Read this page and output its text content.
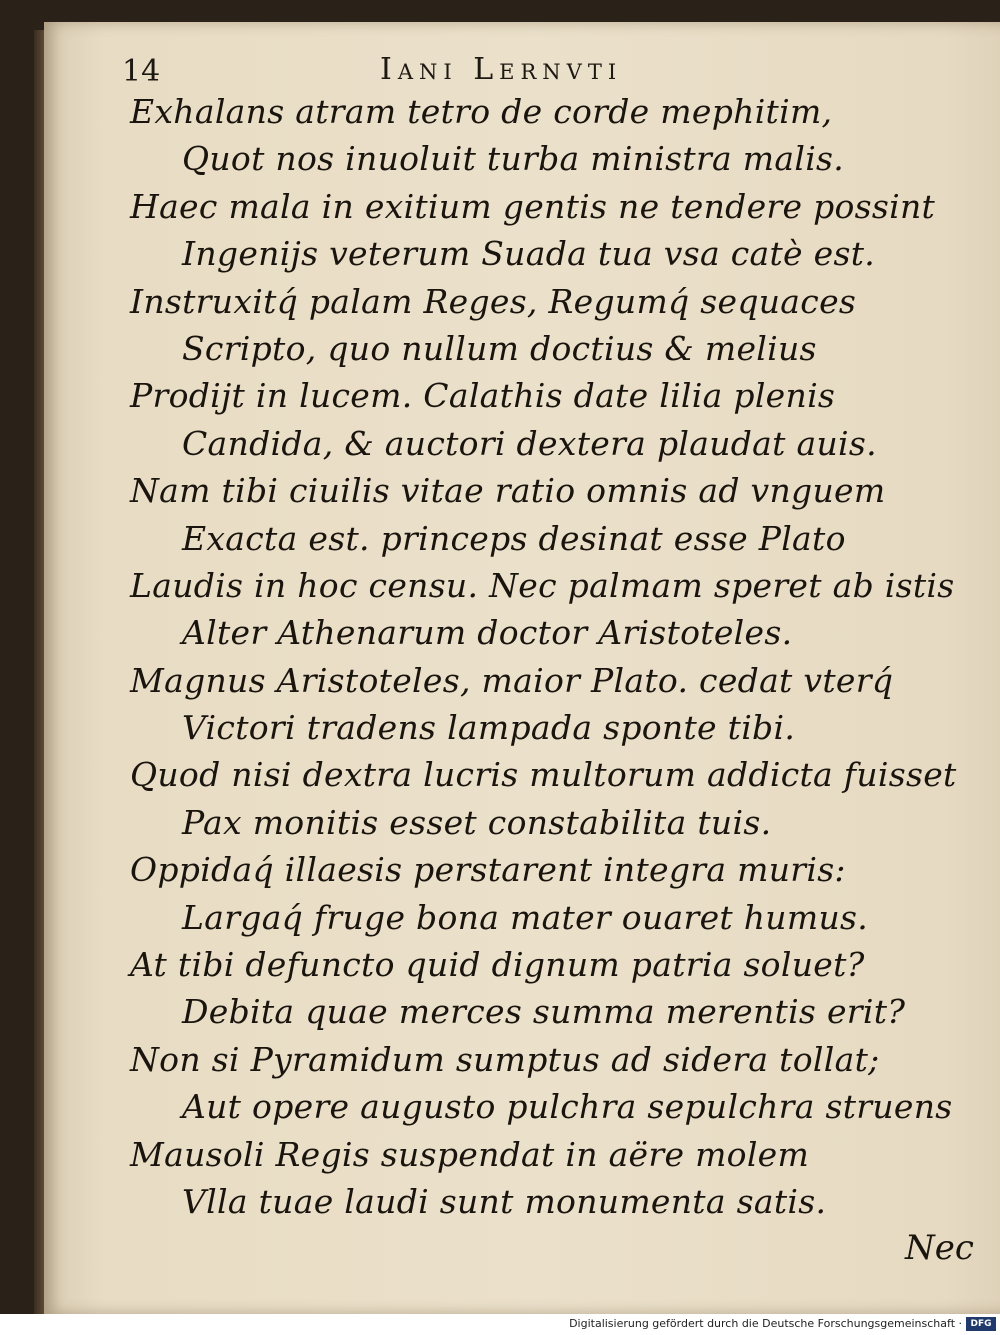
14	Iani Lernvti
Exhalans atram tetro de corde mephitim,
Quot nos inuoluit turba ministra malis.
Haec mala in exitium gentis ne tendere possint
Ingenijs veterum Suada tua vsa catè est.
Instruxitq́ palam Reges, Regumq́ sequaces
Scripto, quo nullum doctius & melius
Prodijt in lucem. Calathis date lilia plenis
Candida, & auctori dextera plaudat auis.
Nam tibi ciuilis vitae ratio omnis ad vnguem
Exacta est. princeps desinat esse Plato
Laudis in hoc censu. Nec palmam speret ab istis
Alter Athenarum doctor Aristoteles.
Magnus Aristoteles, maior Plato. cedat vterq́
Victori tradens lampada sponte tibi.
Quod nisi dextra lucris multorum addicta fuisset
Pax monitis esset constabilita tuis.
Oppidaq́ illaesis perstarent integra muris:
Largaq́ fruge bona mater ouaret humus.
At tibi defuncto quid dignum patria soluet?
Debita quae merces summa merentis erit?
Non si Pyramidum sumptus ad sidera tollat;
Aut opere augusto pulchra sepulchra struens
Mausoli Regis suspendat in aëre molem
Vlla tuae laudi sunt monumenta satis.
Nec
Digitalisierung gefördert durch die Deutsche Forschungsgemeinschaft · DFG
